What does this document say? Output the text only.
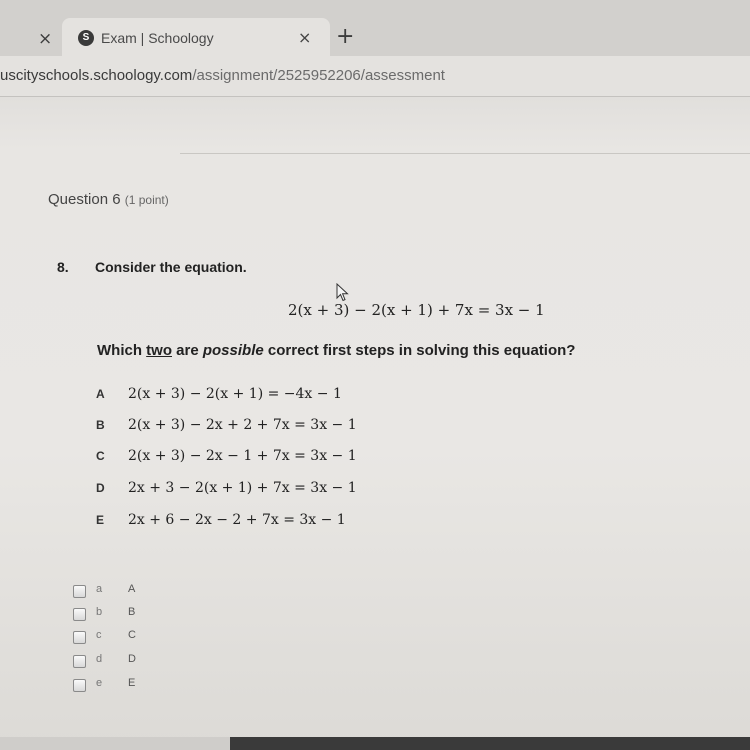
×	S Exam | Schoology	× +
uscityschools.schoology.com/assignment/2525952206/assessment
Question 6 (1 point)
8. Consider the equation.
2(x + 3) − 2(x + 1) + 7x = 3x − 1
Which two are possible correct first steps in solving this equation?
A 2(x + 3) − 2(x + 1) = −4x − 1
B 2(x + 3) − 2x + 2 + 7x = 3x − 1
C 2(x + 3) − 2x − 1 + 7x = 3x − 1
D 2x + 3 − 2(x + 1) + 7x = 3x − 1
E 2x + 6 − 2x − 2 + 7x = 3x − 1
a A
b B
c C
d D
e E
